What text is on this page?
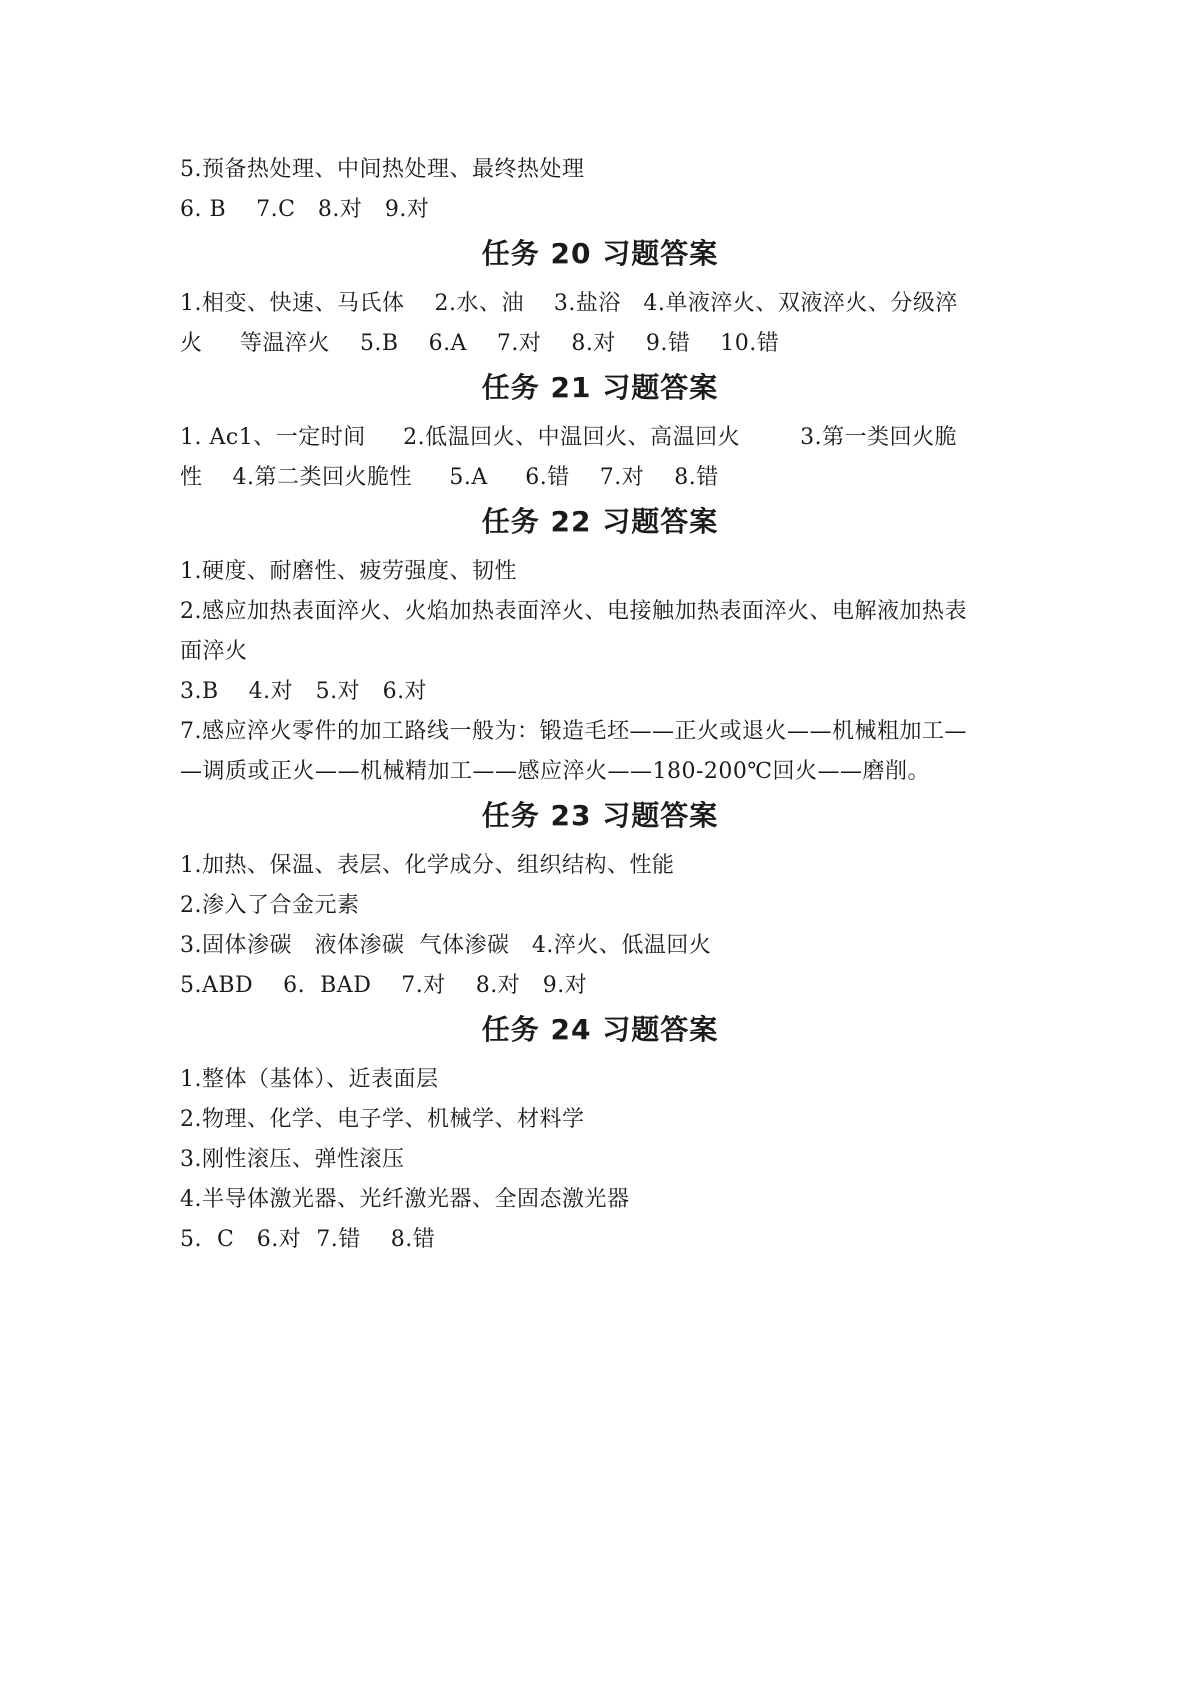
5.预备热处理、中间热处理、最终热处理
6. B    7.C   8.对   9.对
任务 20 习题答案
1.相变、快速、马氏体    2.水、油    3.盐浴   4.单液淬火、双液淬火、分级淬
火     等温淬火    5.B    6.A    7.对    8.对    9.错    10.错
任务 21 习题答案
1. Ac1、一定时间     2.低温回火、中温回火、高温回火        3.第一类回火脆
性    4.第二类回火脆性     5.A     6.错    7.对    8.错
任务 22 习题答案
1.硬度、耐磨性、疲劳强度、韧性
2.感应加热表面淬火、火焰加热表面淬火、电接触加热表面淬火、电解液加热表
面淬火
3.B    4.对   5.对   6.对
7.感应淬火零件的加工路线一般为：锻造毛坯——正火或退火——机械粗加工—
—调质或正火——机械精加工——感应淬火——180-200℃回火——磨削。
任务 23 习题答案
1.加热、保温、表层、化学成分、组织结构、性能
2.渗入了合金元素
3.固体渗碳   液体渗碳  气体渗碳   4.淬火、低温回火
5.ABD    6.  BAD    7.对    8.对   9.对
任务 24 习题答案
1.整体（基体）、近表面层
2.物理、化学、电子学、机械学、材料学
3.刚性滚压、弹性滚压
4.半导体激光器、光纤激光器、全固态激光器
5.  C   6.对  7.错    8.错
